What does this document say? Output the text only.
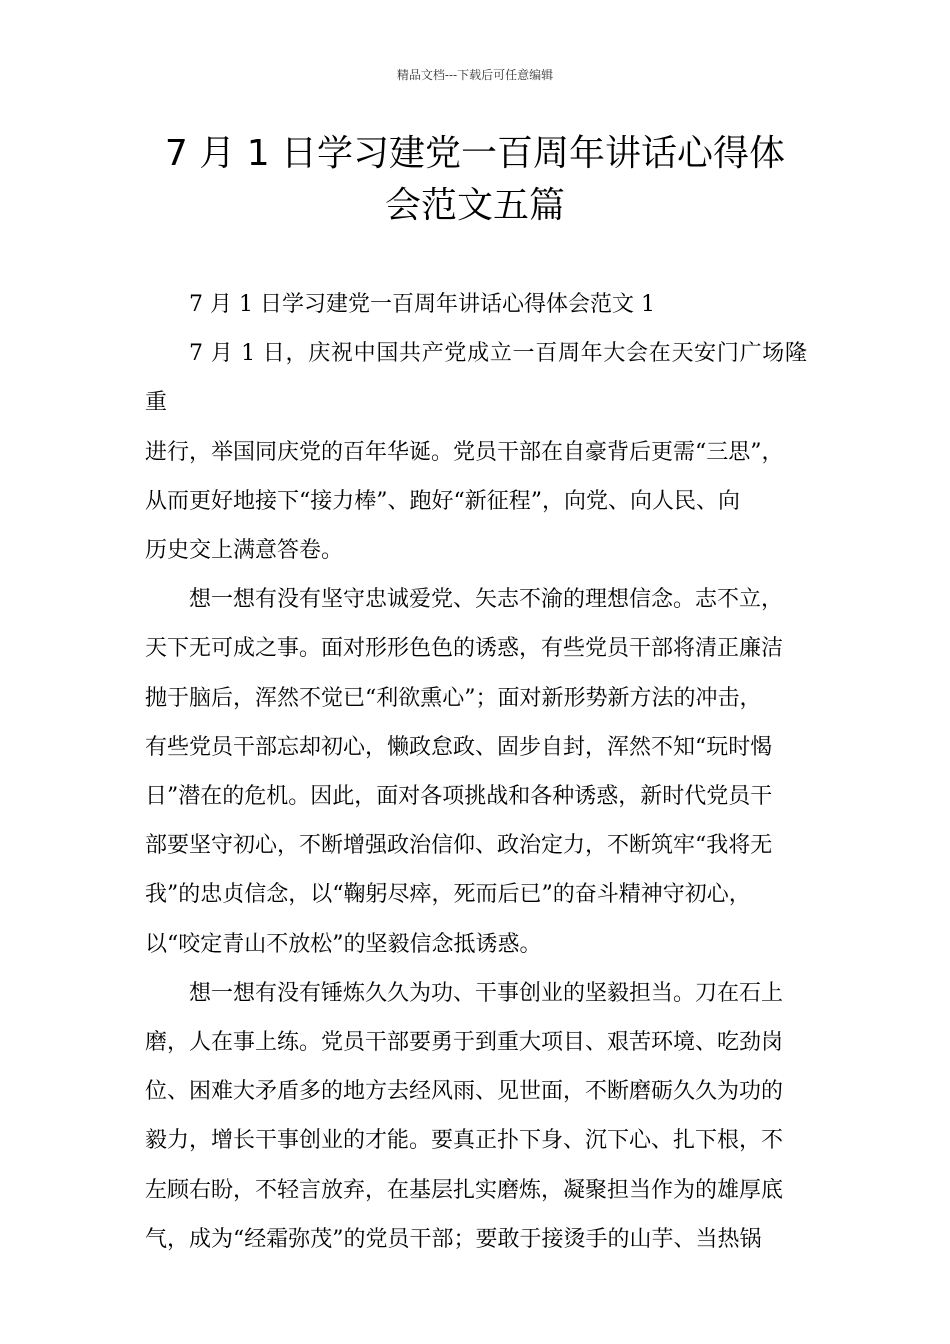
精品文档---下载后可任意编辑
7 月 1 日学习建党一百周年讲话心得体
会范文五篇

7 月 1 日学习建党一百周年讲话心得体会范文 1

7 月 1 日，庆祝中国共产党成立一百周年大会在天安门广场隆重
进行，举国同庆党的百年华诞。党员干部在自豪背后更需“三思”，
从而更好地接下“接力棒”、跑好“新征程”，向党、向人民、向
历史交上满意答卷。

想一想有没有坚守忠诚爱党、矢志不渝的理想信念。志不立，
天下无可成之事。面对形形色色的诱惑，有些党员干部将清正廉洁
抛于脑后，浑然不觉已“利欲熏心”；面对新形势新方法的冲击，
有些党员干部忘却初心，懒政怠政、固步自封，浑然不知“玩时愒
日”潜在的危机。因此，面对各项挑战和各种诱惑，新时代党员干
部要坚守初心，不断增强政治信仰、政治定力，不断筑牢“我将无
我”的忠贞信念，以“鞠躬尽瘁，死而后已”的奋斗精神守初心，
以“咬定青山不放松”的坚毅信念抵诱惑。

想一想有没有锤炼久久为功、干事创业的坚毅担当。刀在石上
磨，人在事上练。党员干部要勇于到重大项目、艰苦环境、吃劲岗
位、困难大矛盾多的地方去经风雨、见世面，不断磨砺久久为功的
毅力，增长干事创业的才能。要真正扑下身、沉下心、扎下根，不
左顾右盼，不轻言放弃，在基层扎实磨炼，凝聚担当作为的雄厚底
气，成为“经霜弥茂”的党员干部；要敢于接烫手的山芋、当热锅
